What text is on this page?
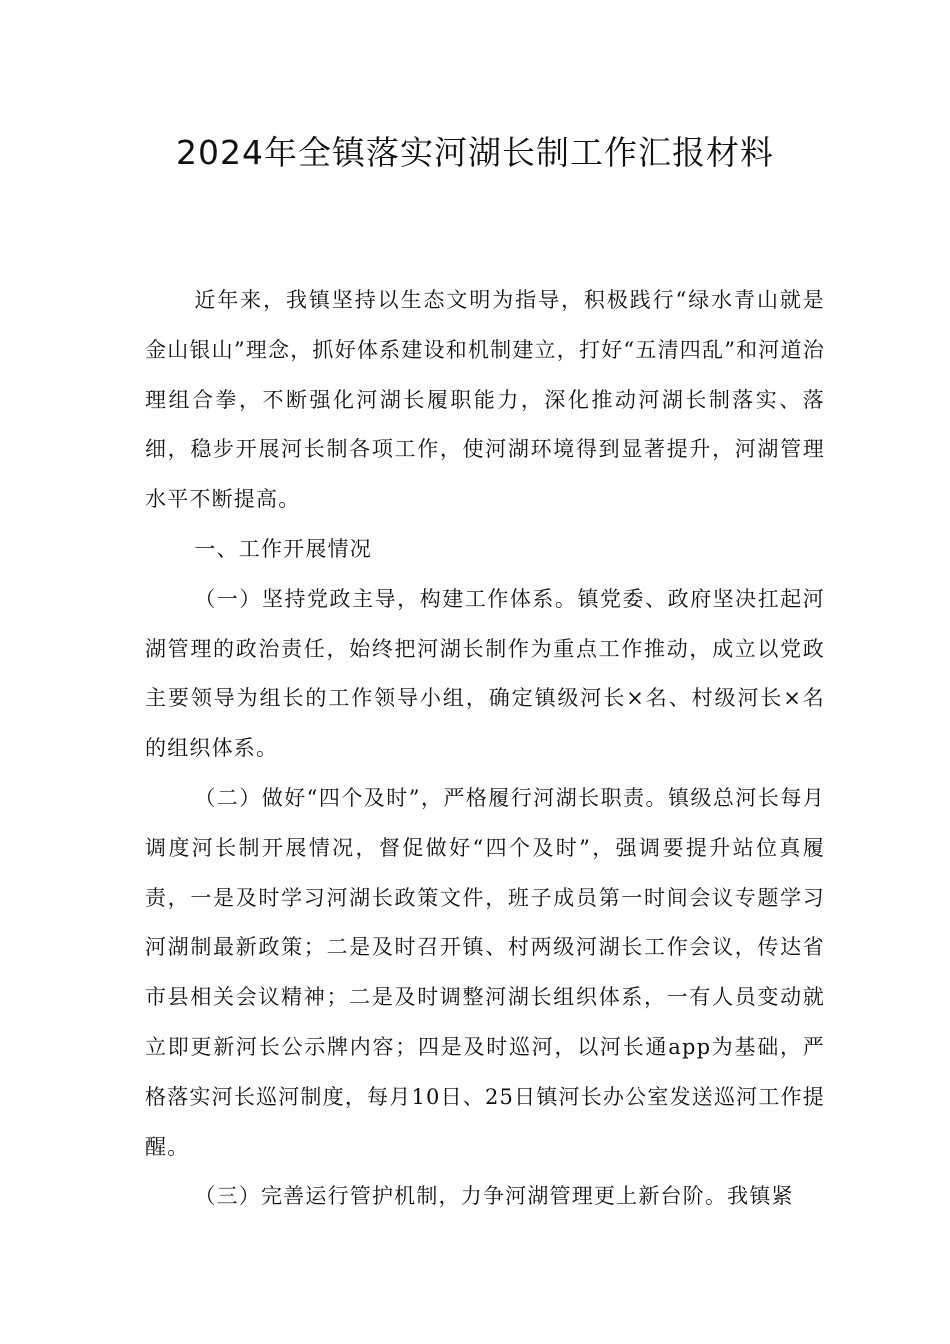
2024年全镇落实河湖长制工作汇报材料

近年来，我镇坚持以生态文明为指导，积极践行“绿水青山就是金山银山”理念，抓好体系建设和机制建立，打好“五清四乱”和河道治理组合拳，不断强化河湖长履职能力，深化推动河湖长制落实、落细，稳步开展河长制各项工作，使河湖环境得到显著提升，河湖管理水平不断提高。

一、工作开展情况

（一）坚持党政主导，构建工作体系。镇党委、政府坚决扛起河湖管理的政治责任，始终把河湖长制作为重点工作推动，成立以党政主要领导为组长的工作领导小组，确定镇级河长×名、村级河长×名的组织体系。

（二）做好“四个及时”，严格履行河湖长职责。镇级总河长每月调度河长制开展情况，督促做好“四个及时”，强调要提升站位真履责，一是及时学习河湖长政策文件，班子成员第一时间会议专题学习河湖制最新政策；二是及时召开镇、村两级河湖长工作会议，传达省市县相关会议精神；二是及时调整河湖长组织体系，一有人员变动就立即更新河长公示牌内容；四是及时巡河，以河长通app为基础，严格落实河长巡河制度，每月10日、25日镇河长办公室发送巡河工作提醒。

（三）完善运行管护机制，力争河湖管理更上新台阶。我镇紧
